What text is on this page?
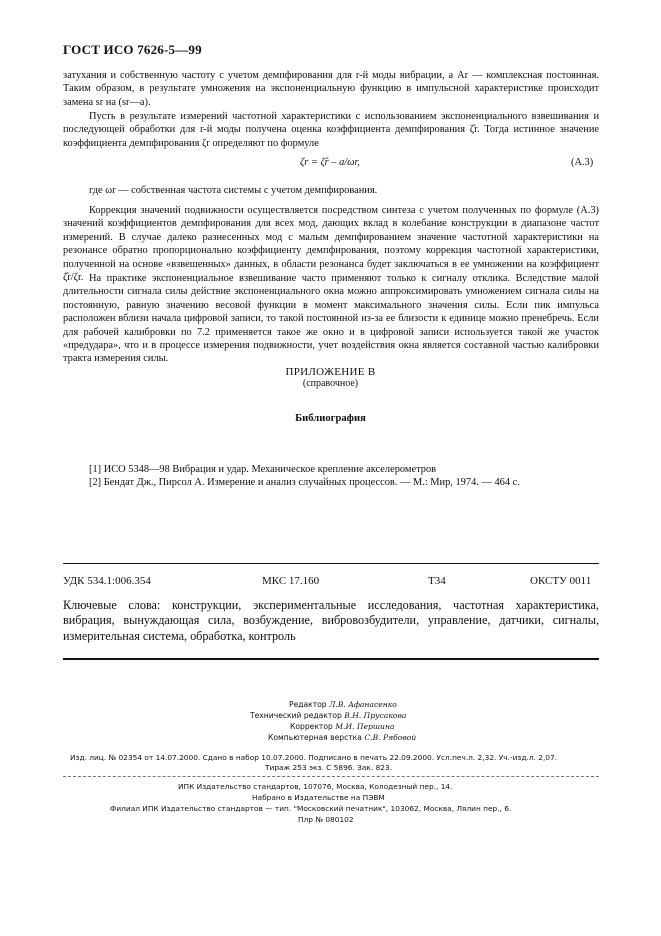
ГОСТ ИСО 7626-5—99
затухания и собственную частоту с учетом демпфирования для r-й моды вибрации, а Ar — комплексная постоянная. Таким образом, в результате умножения на экспоненциальную функцию в импульсной характеристике происходит замена sr на (sr—a).
Пусть в результате измерений частотной характеристики с использованием экспоненциального взвешивания и последующей обработки для r-й моды получена оценка коэффициента демпфирования ζ̂r. Тогда истинное значение коэффициента демпфирования ζr определяют по формуле
ζr = ζ̂r – a/ωr,	(А.3)
где ωr — собственная частота системы с учетом демпфирования.
Коррекция значений подвижности осуществляется посредством синтеза с учетом полученных по формуле (А.3) значений коэффициентов демпфирования для всех мод, дающих вклад в колебание конструкции в диапазоне частот измерений. В случае далеко разнесенных мод с малым демпфированием значение частотной характеристики на резонансе обратно пропорционально коэффициенту демпфирования, поэтому коррекция частотной характеристики, полученной на основе «взвешенных» данных, в области резонанса будет заключаться в ее умножении на коэффициент ζ̂r/ζr. На практике экспоненциальное взвешивание часто применяют только к сигналу отклика. Вследствие малой длительности сигнала силы действие экспоненциального окна можно аппроксимировать умножением сигнала силы на постоянную, равную значению весовой функции в момент максимального значения силы. Если пик импульса расположен вблизи начала цифровой записи, то такой постоянной из-за ее близости к единице можно пренебречь. Если для рабочей калибровки по 7.2 применяется такое же окно и в цифровой записи используется такой же участок «предудара», что и в процессе измерения подвижности, учет воздействия окна является составной частью калибровки тракта измерения силы.
ПРИЛОЖЕНИЕ В
(справочное)
Библиография
[1] ИСО 5348—98 Вибрация и удар. Механическое крепление акселерометров
[2] Бендат Дж., Пирсол А. Измерение и анализ случайных процессов. — М.: Мир, 1974. — 464 с.
УДК 534.1:006.354	МКС 17.160	Т34	ОКСТУ 0011
Ключевые слова: конструкции, экспериментальные исследования, частотная характеристика, вибрация, вынуждающая сила, возбуждение, вибровозбудители, управление, датчики, сигналы, измерительная система, обработка, контроль
Редактор Л.В. Афанасенко
Технический редактор В.Н. Прусакова
Корректор М.И. Першина
Компьютерная верстка С.В. Рябовой
Изд. лиц. № 02354 от 14.07.2000. Сдано в набор 10.07.2000. Подписано в печать 22.09.2000. Усл.печ.л. 2,32. Уч.-изд.л. 2,07.
Тираж 253 экз. С 5896. Зак. 823.
ИПК Издательство стандартов, 107076, Москва, Колодезный пер., 14.
Набрано в Издательстве на ПЭВМ
Филиал ИПК Издательство стандартов — тип. "Московский печатник", 103062, Москва, Лялин пер., 6.
Плр № 080102
